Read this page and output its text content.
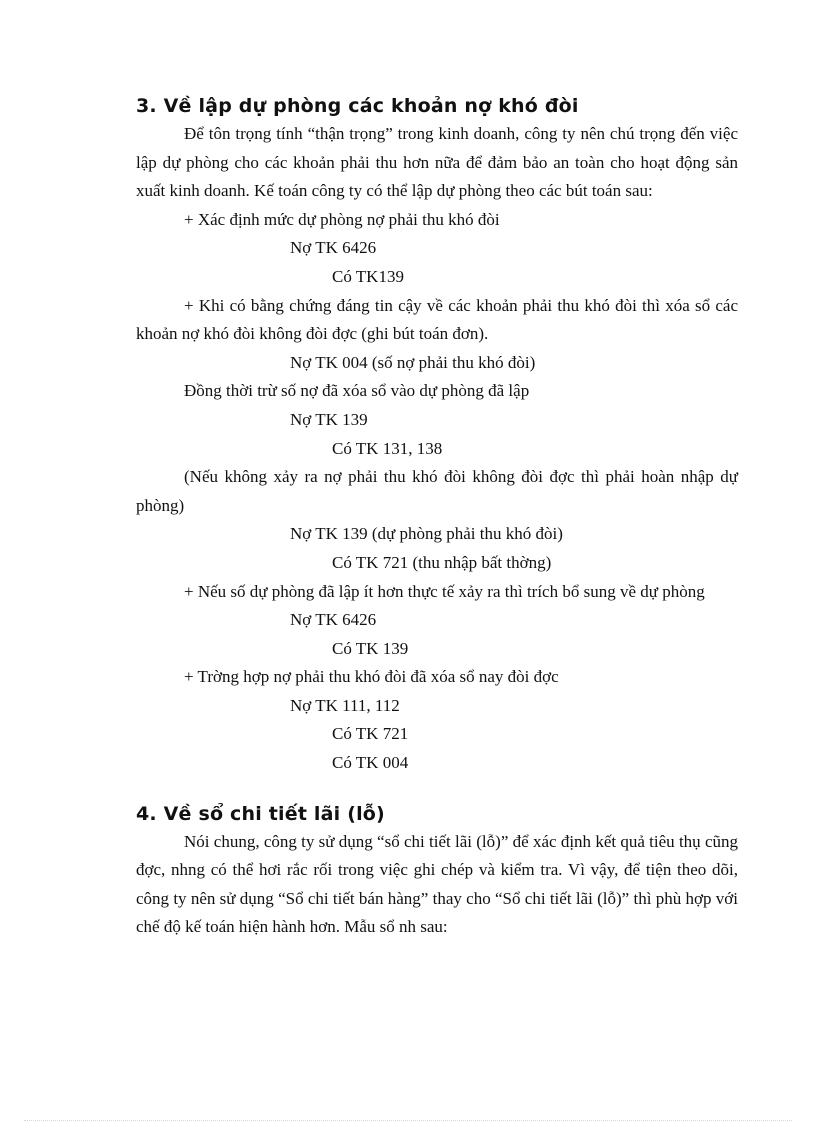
3. Về lập dự phòng các khoản nợ khó đòi

Để tôn trọng tính “thận trọng” trong kinh doanh, công ty nên chú trọng đến việc lập dự phòng cho các khoản phải thu hơn nữa để đảm bảo an toàn cho hoạt động sản xuất kinh doanh. Kế toán công ty có thể lập dự phòng theo các bút toán sau:

+ Xác định mức dự phòng nợ phải thu khó đòi

Nợ TK 6426

Có TK139

+ Khi có bằng chứng đáng tin cậy về các khoản phải thu khó đòi thì xóa sổ các khoản nợ khó đòi không đòi đợc (ghi bút toán đơn).

Nợ TK 004 (số nợ phải thu khó đòi)

Đồng thời trừ số nợ đã xóa sổ vào dự phòng đã lập

Nợ TK 139

Có TK 131, 138

(Nếu không xảy ra nợ phải thu khó đòi không đòi đợc thì phải hoàn nhập dự phòng)

Nợ TK 139 (dự phòng phải thu khó đòi)

Có TK 721 (thu nhập bất thờng)

+ Nếu số dự phòng đã lập ít hơn thực tế xảy ra thì trích bổ sung về dự phòng

Nợ TK 6426

Có TK 139

+ Trờng hợp nợ phải thu khó đòi đã xóa sổ nay đòi đợc

Nợ TK 111, 112

Có TK 721

Có TK 004

4. Về sổ chi tiết lãi (lỗ)

Nói chung, công ty sử dụng “sổ chi tiết lãi (lỗ)” để xác định kết quả tiêu thụ cũng đợc, nhng có thể hơi rắc rối trong việc ghi chép và kiểm tra. Vì vậy, để tiện theo dõi, công ty nên sử dụng “Sổ chi tiết bán hàng” thay cho “Sổ chi tiết lãi (lỗ)” thì phù hợp với chế độ kế toán hiện hành hơn. Mẫu sổ nh sau:
